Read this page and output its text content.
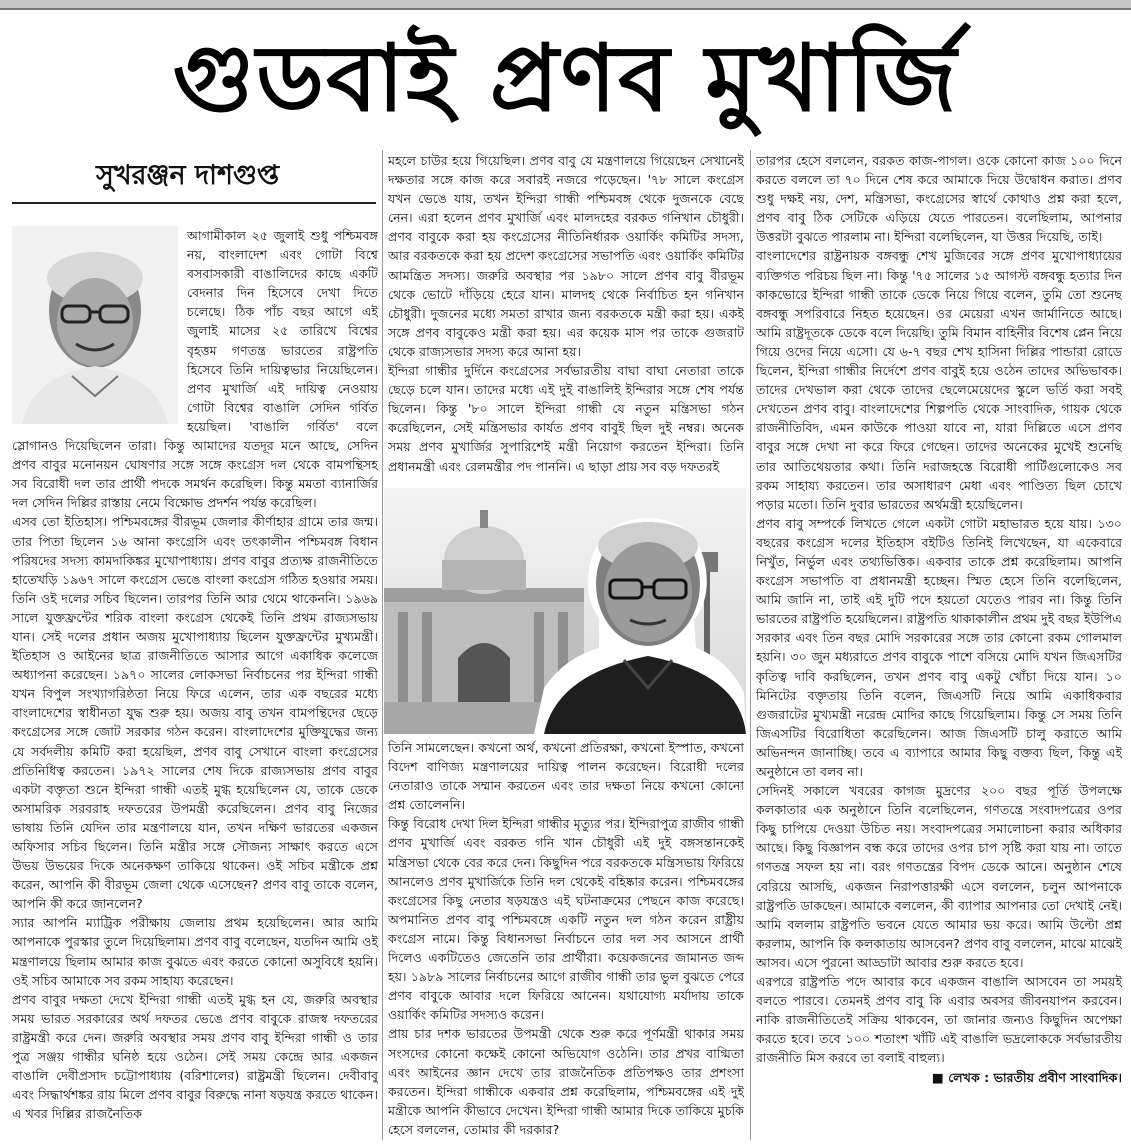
গুডবাই প্রণব মুখার্জি
সুখরঞ্জন দাশগুপ্ত

আগামীকাল ২৫ জুলাই শুধু পশ্চিমবঙ্গ নয়, বাংলাদেশ এবং গোটা বিশ্বে বসবাসকারী বাঙালিদের কাছে একটি বেদনার দিন হিসেবে দেখা দিতে চলেছে। ঠিক পাঁচ বছর আগে এই জুলাই মাসের ২৫ তারিখে বিশ্বের বৃহত্তম গণতন্ত্র ভারতের রাষ্ট্রপতি হিসেবে তিনি দায়িত্বভার নিয়েছিলেন। প্রণব মুখার্জি এই দায়িত্ব নেওয়ায় গোটা বিশ্বের বাঙালি সেদিন গর্বিত হয়েছিল। 'বাঙালি গর্বিত' বলে স্লোগানও দিয়েছিলেন তারা। কিন্তু আমাদের যতদূর মনে আছে, সেদিন প্রণব বাবুর মনোনয়ন ঘোষণার সঙ্গে সঙ্গে কংগ্রেস দল থেকে বামপন্থিসহ সব বিরোধী দল তার প্রার্থী পদকে সমর্থন করেছিল। কিন্তু মমতা ব্যানার্জির দল সেদিন দিল্লির রাস্তায় নেমে বিক্ষোভ প্রদর্শন পর্যন্ত করেছিল।

এসব তো ইতিহাস। পশ্চিমবঙ্গের বীরভূম জেলার কীর্ণাহার গ্রামে তার জন্ম। তার পিতা ছিলেন ১৬ আনা কংগ্রেসি এবং তৎকালীন পশ্চিমবঙ্গ বিধান পরিষদের সদস্য কামদাকিঙ্কর মুখোপাধ্যায়। প্রণব বাবুর প্রত্যক্ষ রাজনীতিতে হাতেখড়ি ১৯৬৭ সালে কংগ্রেস ভেঙে বাংলা কংগ্রেস গঠিত হওয়ার সময়। তিনি ওই দলের সচিব ছিলেন। তারপর তিনি আর থেমে থাকেননি। ১৯৬৯ সালে যুক্তফ্রন্টের শরিক বাংলা কংগ্রেস থেকেই তিনি প্রথম রাজ্যসভায় যান। সেই দলের প্রধান অজয় মুখোপাধ্যায় ছিলেন যুক্তফ্রন্টের মুখ্যমন্ত্রী। ইতিহাস ও আইনের ছাত্র রাজনীতিতে আসার আগে একাধিক কলেজে অধ্যাপনা করেছেন। ১৯৭০ সালের লোকসভা নির্বাচনের পর ইন্দিরা গান্ধী যখন বিপুল সংখ্যাগরিষ্ঠতা নিয়ে ফিরে এলেন, তার এক বছরের মধ্যে বাংলাদেশের স্বাধীনতা যুদ্ধ শুরু হয়। অজয় বাবু তখন বামপন্থিদের ছেড়ে কংগ্রেসের সঙ্গে জোট সরকার গঠন করেন। বাংলাদেশের মুক্তিযুদ্ধের জন্য যে সর্বদলীয় কমিটি করা হয়েছিল, প্রণব বাবু সেখানে বাংলা কংগ্রেসের প্রতিনিধিত্ব করতেন। ১৯৭২ সালের শেষ দিকে রাজ্যসভায় প্রণব বাবুর একটা বক্তৃতা শুনে ইন্দিরা গান্ধী এতই মুগ্ধ হয়েছিলেন যে, তাকে ডেকে অসামরিক সরবরাহ দফতরের উপমন্ত্রী করেছিলেন। প্রণব বাবু নিজের ভাষায় তিনি যেদিন তার মন্ত্রণালয়ে যান, তখন দক্ষিণ ভারতের একজন অফিসার সচিব ছিলেন। তিনি মন্ত্রীর সঙ্গে সৌজন্য সাক্ষাৎ করতে এসে উভয় উভয়ের দিকে অনেকক্ষণ তাকিয়ে থাকেন। ওই সচিব মন্ত্রীকে প্রশ্ন করেন, আপনি কী বীরভূম জেলা থেকে এসেছেন? প্রণব বাবু তাকে বলেন, আপনি কী করে জানলেন?

স্যার আপনি ম্যাট্রিক পরীক্ষায় জেলায় প্রথম হয়েছিলেন। আর আমি আপনাকে পুরস্কার তুলে দিয়েছিলাম। প্রণব বাবু বলেছেন, যতদিন আমি ওই মন্ত্রণালয়ে ছিলাম আমার কাজ বুঝতে এবং করতে কোনো অসুবিধে হয়নি। ওই সচিব আমাকে সব রকম সাহায্য করেছেন।

প্রণব বাবুর দক্ষতা দেখে ইন্দিরা গান্ধী এতই মুগ্ধ হন যে, জরুরি অবস্থার সময় ভারত সরকারের অর্থ দফতর ভেঙে প্রণব বাবুকে রাজস্ব দফতরের রাষ্ট্রমন্ত্রী করে দেন। জরুরি অবস্থার সময় প্রণব বাবু ইন্দিরা গান্ধী ও তার পুত্র সঞ্জয় গান্ধীর ঘনিষ্ঠ হয়ে ওঠেন। সেই সময় কেন্দ্রে আর একজন বাঙালি দেবীপ্রসাদ চট্টোপাধ্যায় (বরিশালের) রাষ্ট্রমন্ত্রী ছিলেন। দেবীবাবু এবং সিদ্ধার্থশঙ্কর রায় মিলে প্রণব বাবুর বিরুদ্ধে নানা ষড়যন্ত্র করতে থাকেন। এ খবর দিল্লির রাজনৈতিক

মহলে চাউর হয়ে গিয়েছিল। প্রণব বাবু যে মন্ত্রণালয়ে গিয়েছেন সেখানেই দক্ষতার সঙ্গে কাজ করে সবারই নজরে পড়েছেন। '৭৮ সালে কংগ্রেস যখন ভেঙে যায়, তখন ইন্দিরা গান্ধী পশ্চিমবঙ্গ থেকে দুজনকে বেছে নেন। এরা হলেন প্রণব মুখার্জি এবং মালদহের বরকত গনিখান চৌধুরী। প্রণব বাবুকে করা হয় কংগ্রেসের নীতিনির্ধারক ওয়ার্কিং কমিটির সদস্য, আর বরকতকে করা হয় প্রদেশ কংগ্রেসের সভাপতি এবং ওয়ার্কিং কমিটির আমন্ত্রিত সদস্য। জরুরি অবস্থার পর ১৯৮০ সালে প্রণব বাবু বীরভূম থেকে ভোটে দাঁড়িয়ে হেরে যান। মালদহ থেকে নির্বাচিত হন গনিখান চৌধুরী। দুজনের মধ্যে সমতা রাখার জন্য বরকতকে মন্ত্রী করা হয়। একই সঙ্গে প্রণব বাবুকেও মন্ত্রী করা হয়। এর কয়েক মাস পর তাকে গুজরাট থেকে রাজ্যসভার সদস্য করে আনা হয়।

ইন্দিরা গান্ধীর দুর্দিনে কংগ্রেসের সর্বভারতীয় বাঘা বাঘা নেতারা তাকে ছেড়ে চলে যান। তাদের মধ্যে এই দুই বাঙালিই ইন্দিরার সঙ্গে শেষ পর্যন্ত ছিলেন। কিন্তু '৮০ সালে ইন্দিরা গান্ধী যে নতুন মন্ত্রিসভা গঠন করেছিলেন, সেই মন্ত্রিসভার কার্যত প্রণব বাবুই ছিল দুই নম্বর। অনেক সময় প্রণব মুখার্জির সুপারিশেই মন্ত্রী নিয়োগ করতেন ইন্দিরা। তিনি প্রধানমন্ত্রী এবং রেলমন্ত্রীর পদ পাননি। এ ছাড়া প্রায় সব বড় দফতরই

তিনি সামলেছেন। কখনো অর্থ, কখনো প্রতিরক্ষা, কখনো ইস্পাত, কখনো বিদেশ বাণিজ্য মন্ত্রণালয়ের দায়িত্ব পালন করেছেন। বিরোধী দলের নেতারাও তাকে সম্মান করতেন এবং তার দক্ষতা নিয়ে কখনো কোনো প্রশ্ন তোলেননি।

কিন্তু বিরোধ দেখা দিল ইন্দিরা গান্ধীর মৃত্যুর পর। ইন্দিরাপুত্র রাজীব গান্ধী প্রণব মুখার্জি এবং বরকত গনি খান চৌধুরী এই দুই বঙ্গসন্তানকেই মন্ত্রিসভা থেকে বের করে দেন। কিছুদিন পরে বরকতকে মন্ত্রিসভায় ফিরিয়ে আনলেও প্রণব মুখার্জিকে তিনি দল থেকেই বহিষ্কার করেন। পশ্চিমবঙ্গের কংগ্রেসের কিছু নেতার ষড়যন্ত্রও এই ঘটনাক্রমের পেছনে কাজ করেছে। অপমানিত প্রণব বাবু পশ্চিমবঙ্গে একটি নতুন দল গঠন করেন রাষ্ট্রীয় কংগ্রেস নামে। কিন্তু বিধানসভা নির্বাচনে তার দল সব আসনে প্রার্থী দিলেও একটিতেও জেতেনি তার প্রার্থীরা। কয়েকজনের জামানত জব্দ হয়। ১৯৮৯ সালের নির্বাচনের আগে রাজীব গান্ধী তার ভুল বুঝতে পেরে প্রণব বাবুকে আবার দলে ফিরিয়ে আনেন। যথাযোগ্য মর্যাদায় তাকে ওয়ার্কিং কমিটির সদস্যও করেন।

প্রায় চার দশক ভারতের উপমন্ত্রী থেকে শুরু করে পূর্ণমন্ত্রী থাকার সময় সংসদের কোনো কক্ষেই কোনো অভিযোগ ওঠেনি। তার প্রখর বাগ্মিতা এবং আইনের জ্ঞান দেখে তার রাজনৈতিক প্রতিপক্ষও তার প্রশংসা করতেন। ইন্দিরা গান্ধীকে একবার প্রশ্ন করেছিলাম, পশ্চিমবঙ্গের এই দুই মন্ত্রীকে আপনি কীভাবে দেখেন। ইন্দিরা গান্ধী আমার দিকে তাকিয়ে মুচকি হেসে বললেন, তোমার কী দরকার?

তারপর হেসে বললেন, বরকত কাজ-পাগল। ওকে কোনো কাজ ১০০ দিনে করতে বললে তা ৭০ দিনে শেষ করে আমাকে দিয়ে উদ্বোধন করাত। প্রণব শুধু দক্ষই নয়, দেশ, মন্ত্রিসভা, কংগ্রেসের স্বার্থে কোথাও প্রশ্ন করা হলে, প্রণব বাবু ঠিক সেটিকে এড়িয়ে যেতে পারতেন। বলেছিলাম, আপনার উত্তরটা বুঝতে পারলাম না। ইন্দিরা বলেছিলেন, যা উত্তর দিয়েছি, তাই।

বাংলাদেশের রাষ্ট্রনায়ক বঙ্গবন্ধু শেখ মুজিবের সঙ্গে প্রণব মুখোপাধ্যায়ের ব্যক্তিগত পরিচয় ছিল না। কিন্তু '৭৫ সালের ১৫ আগস্ট বঙ্গবন্ধু হত্যার দিন কাকভোরে ইন্দিরা গান্ধী তাকে ডেকে নিয়ে গিয়ে বলেন, তুমি তো শুনেছ বঙ্গবন্ধু সপরিবারে নিহত হয়েছেন। ওর মেয়েরা এখন জার্মানিতে আছে। আমি রাষ্ট্রদূতকে ডেকে বলে দিয়েছি। তুমি বিমান বাহিনীর বিশেষ প্লেন নিয়ে গিয়ে ওদের নিয়ে এসো। যে ৬-৭ বছর শেখ হাসিনা দিল্লির পান্ডারা রোডে ছিলেন, ইন্দিরা গান্ধীর নির্দেশে প্রণব বাবুই হয়ে ওঠেন তাদের অভিভাবক। তাদের দেখভাল করা থেকে তাদের ছেলেমেয়েদের স্কুলে ভর্তি করা সবই দেখতেন প্রণব বাবু। বাংলাদেশের শিল্পপতি থেকে সাংবাদিক, গায়ক থেকে রাজনীতিবিদ, এমন কাউকে পাওয়া যাবে না, যারা দিল্লিতে এসে প্রণব বাবুর সঙ্গে দেখা না করে ফিরে গেছেন। তাদের অনেকের মুখেই শুনেছি তার আতিথেয়তার কথা। তিনি দরাজহস্তে বিরোধী পার্টিগুলোকেও সব রকম সাহায্য করতেন। তার অসাধারণ মেধা এবং পাণ্ডিত্য ছিল চোখে পড়ার মতো। তিনি দুবার ভারতের অর্থমন্ত্রী হয়েছিলেন।

প্রণব বাবু সম্পর্কে লিখতে গেলে একটা গোটা মহাভারত হয়ে যায়। ১৩০ বছরের কংগ্রেস দলের ইতিহাস বইটিও তিনিই লিখেছেন, যা একেবারে নিখুঁত, নির্ভুল এবং তথ্যভিত্তিক। একবার তাকে প্রশ্ন করেছিলাম। আপনি কংগ্রেস সভাপতি বা প্রধানমন্ত্রী হচ্ছেন। স্মিত হেসে তিনি বলেছিলেন, আমি জানি না, তাই এই দুটি পদে হয়তো যেতেও পারব না। কিন্তু তিনি ভারতের রাষ্ট্রপতি হয়েছিলেন। রাষ্ট্রপতি থাকাকালীন প্রথম দুই বছর ইউপিএ সরকার এবং তিন বছর মোদি সরকারের সঙ্গে তার কোনো রকম গোলমাল হয়নি। ৩০ জুন মধ্যরাতে প্রণব বাবুকে পাশে বসিয়ে মোদি যখন জিএসটির কৃতিত্ব দাবি করছিলেন, তখন প্রণব বাবু একটু খোঁচা দিয়ে যান। ১০ মিনিটের বক্তৃতায় তিনি বলেন, জিএসটি নিয়ে আমি একাধিকবার গুজরাটের মুখ্যমন্ত্রী নরেন্দ্র মোদির কাছে গিয়েছিলাম। কিন্তু সে সময় তিনি জিএসটির বিরোধিতা করেছিলেন। আজ জিএসটি চালু করাতে আমি অভিনন্দন জানাচ্ছি। তবে এ ব্যাপারে আমার কিছু বক্তব্য ছিল, কিন্তু এই অনুষ্ঠানে তা বলব না।

সেদিনই সকালে খবরের কাগজ মুদ্রণের ২০০ বছর পূর্তি উপলক্ষে কলকাতার এক অনুষ্ঠানে তিনি বলেছিলেন, গণতন্ত্রে সংবাদপত্রের ওপর কিছু চাপিয়ে দেওয়া উচিত নয়। সংবাদপত্রের সমালোচনা করার অধিকার আছে। কিছু বিজ্ঞাপন বন্ধ করে তাদের ওপর চাপ সৃষ্টি করা যায় না। তাতে গণতন্ত্র সফল হয় না। বরং গণতন্ত্রের বিপদ ডেকে আনে। অনুষ্ঠান শেষে বেরিয়ে আসছি, একজন নিরাপত্তারক্ষী এসে বললেন, চলুন আপনাকে রাষ্ট্রপতি ডাকছেন। আমাকে বললেন, কী ব্যাপার আপনার তো দেখাই নেই। আমি বললাম রাষ্ট্রপতি ভবনে যেতে আমার ভয় করে। আমি উল্টো প্রশ্ন করলাম, আপনি কি কলকাতায় আসবেন? প্রণব বাবু বললেন, মাঝে মাঝেই আসব। এসে পুরনো আড্ডাটা আবার শুরু করতে হবে।

এরপরে রাষ্ট্রপতি পদে আবার কবে একজন বাঙালি আসবেন তা সময়ই বলতে পারবে। তেমনই প্রণব বাবু কি এবার অবসর জীবনযাপন করবেন। নাকি রাজনীতিতেই সক্রিয় থাকবেন, তা জানার জন্যও কিছুদিন অপেক্ষা করতে হবে। তবে ১০০ শতাংশ খাঁটি এই বাঙালি ভদ্রলোককে সর্বভারতীয় রাজনীতি মিস করবে তা বলাই বাহুল্য।

■ লেখক : ভারতীয় প্রবীণ সাংবাদিক।
